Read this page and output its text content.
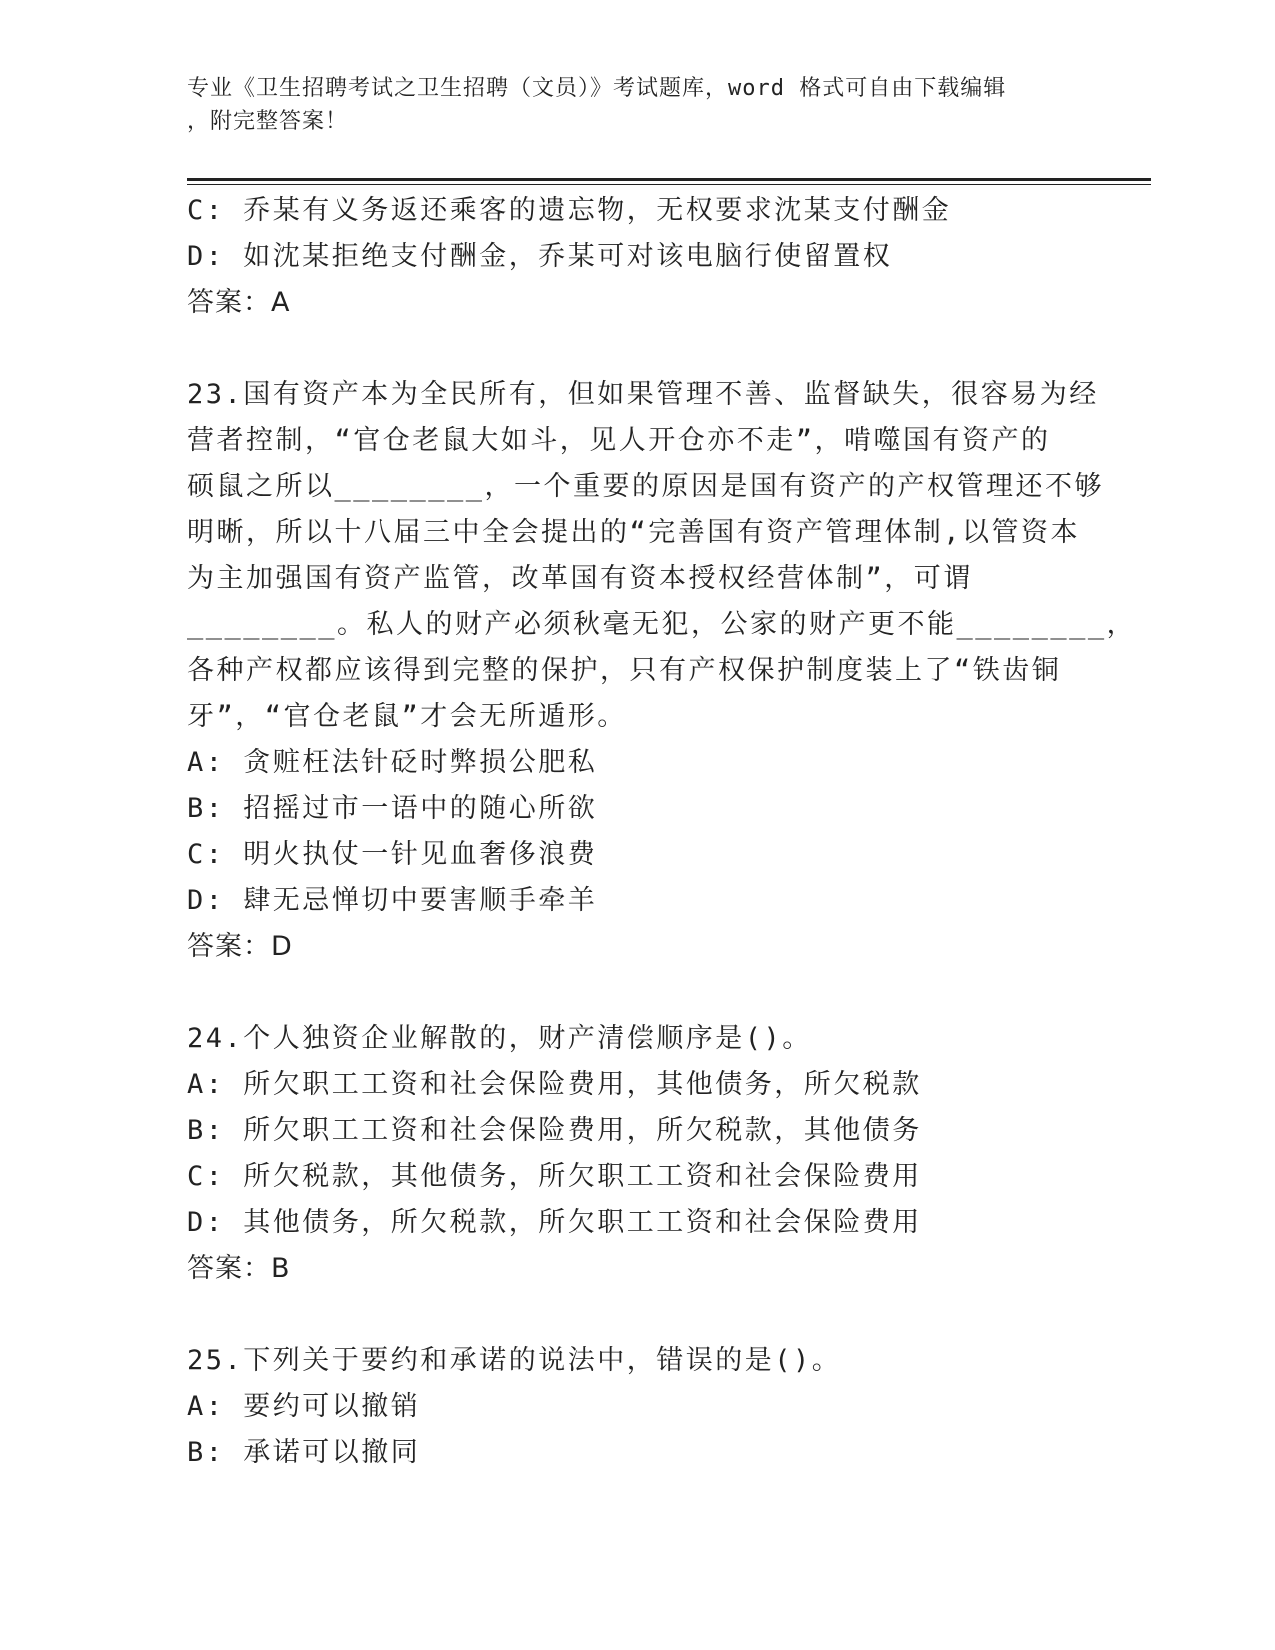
专业《卫生招聘考试之卫生招聘（文员）》考试题库，word 格式可自由下载编辑
，附完整答案！
C: 乔某有义务返还乘客的遗忘物，无权要求沈某支付酬金
D: 如沈某拒绝支付酬金，乔某可对该电脑行使留置权
答案：A
23.国有资产本为全民所有，但如果管理不善、监督缺失，很容易为经
营者控制，“官仓老鼠大如斗，见人开仓亦不走”，啃噬国有资产的
硕鼠之所以________，一个重要的原因是国有资产的产权管理还不够
明晰，所以十八届三中全会提出的“完善国有资产管理体制,以管资本
为主加强国有资产监管，改革国有资本授权经营体制”，可谓
________。私人的财产必须秋毫无犯，公家的财产更不能________，
各种产权都应该得到完整的保护，只有产权保护制度装上了“铁齿铜
牙”，“官仓老鼠”才会无所遁形。
A: 贪赃枉法针砭时弊损公肥私
B: 招摇过市一语中的随心所欲
C: 明火执仗一针见血奢侈浪费
D: 肆无忌惮切中要害顺手牵羊
答案：D
24.个人独资企业解散的，财产清偿顺序是()。
A: 所欠职工工资和社会保险费用，其他债务，所欠税款
B: 所欠职工工资和社会保险费用，所欠税款，其他债务
C: 所欠税款，其他债务，所欠职工工资和社会保险费用
D: 其他债务，所欠税款，所欠职工工资和社会保险费用
答案：B
25.下列关于要约和承诺的说法中，错误的是()。
A: 要约可以撤销
B: 承诺可以撤同
